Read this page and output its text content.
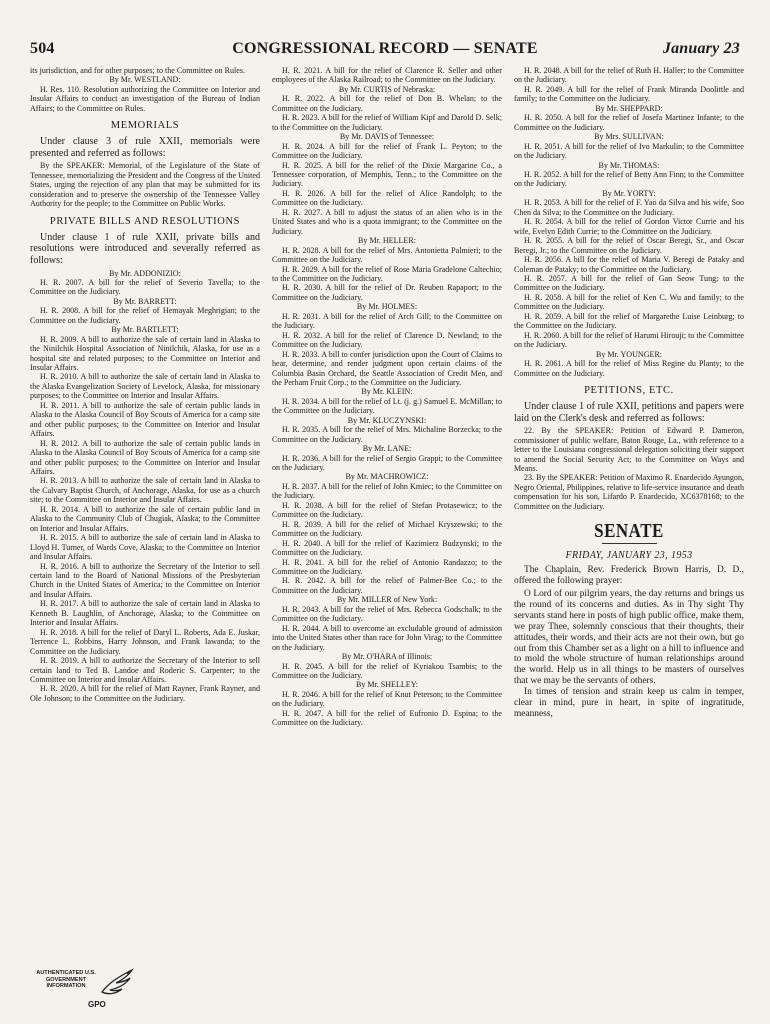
504	CONGRESSIONAL RECORD — SENATE	January 23

its jurisdiction, and for other purposes; to the Committee on Rules.

By Mr. WESTLAND:

H. Res. 110. Resolution authorizing the Committee on Interior and Insular Affairs to conduct an investigation of the Bureau of Indian Affairs; to the Committee on Rules.

MEMORIALS

Under clause 3 of rule XXII, memorials were presented and referred as follows:

By the SPEAKER: Memorial, of the Legislature of the State of Tennessee, memorializing the President and the Congress of the United States, urging the rejection of any plan that may be submitted for its consideration and to preserve the ownership of the Tennessee Valley Authority for the people; to the Committee on Public Works.

PRIVATE BILLS AND RESOLUTIONS

Under clause 1 of rule XXII, private bills and resolutions were introduced and severally referred as follows:

By Mr. ADDONIZIO:

H. R. 2007. A bill for the relief of Severio Tavella; to the Committee on the Judiciary.

By Mr. BARRETT:

H. R. 2008. A bill for the relief of Hemayak Meghrigian; to the Committee on the Judiciary.

By Mr. BARTLETT:

H. R. 2009. A bill to authorize the sale of certain land in Alaska to the Ninilchik Hospital Association of Ninilchik, Alaska, for use as a hospital site and related purposes; to the Committee on Interior and Insular Affairs.

H. R. 2010. A bill to authorize the sale of certain land in Alaska to the Alaska Evangelization Society of Levelock, Alaska, for missionary purposes; to the Committee on Interior and Insular Affairs.

H. R. 2011. A bill to authorize the sale of certain public lands in Alaska to the Alaska Council of Boy Scouts of America for a camp site and other public purposes; to the Committee on Interior and Insular Affairs.

H. R. 2012. A bill to authorize the sale of certain public lands in Alaska to the Alaska Council of Boy Scouts of America for a camp site and other public purposes; to the Committee on Interior and Insular Affairs.

H. R. 2013. A bill to authorize the sale of certain land in Alaska to the Calvary Baptist Church, of Anchorage, Alaska, for use as a church site; to the Committee on Interior and Insular Affairs.

H. R. 2014. A bill to authorize the sale of certain public land in Alaska to the Community Club of Chugiak, Alaska; to the Committee on Interior and Insular Affairs.

H. R. 2015. A bill to authorize the sale of certain land in Alaska to Lloyd H. Turner, of Wards Cove, Alaska; to the Committee on Interior and Insular Affairs.

H. R. 2016. A bill to authorize the Secretary of the Interior to sell certain land to the Board of National Missions of the Presbyterian Church in the United States of America; to the Committee on Interior and Insular Affairs.

H. R. 2017. A bill to authorize the sale of certain land in Alaska to Kenneth B. Laughlin, of Anchorage, Alaska; to the Committee on Interior and Insular Affairs.

H. R. 2018. A bill for the relief of Daryl L. Roberts, Ada E. Juskar, Terrence L. Robbins, Harry Johnson, and Frank Iawanda; to the Committee on the Judiciary.

H. R. 2019. A bill to authorize the Secretary of the Interior to sell certain land to Ted B. Landoe and Roderic S. Carpenter; to the Committee on Interior and Insular Affairs.

H. R. 2020. A bill for the relief of Matt Rayner, Frank Rayner, and Ole Johnson; to the Committee on the Judiciary.

H. R. 2021. A bill for the relief of Clarence R. Seller and other employees of the Alaska Railroad; to the Committee on the Judiciary.

By Mr. CURTIS of Nebraska:

H. R. 2022. A bill for the relief of Don B. Whelan; to the Committee on the Judiciary.

H. R. 2023. A bill for the relief of William Kipf and Darold D. Selk; to the Committee on the Judiciary.

By Mr. DAVIS of Tennessee:

H. R. 2024. A bill for the relief of Frank L. Peyton; to the Committee on the Judiciary.

H. R. 2025. A bill for the relief of the Dixie Margarine Co., a Tennessee corporation, of Memphis, Tenn.; to the Committee on the Judiciary.

H. R. 2026. A bill for the relief of Alice Randolph; to the Committee on the Judiciary.

H. R. 2027. A bill to adjust the status of an alien who is in the United States and who is a quota immigrant; to the Committee on the Judiciary.

By Mr. HELLER:

H. R. 2028. A bill for the relief of Mrs. Antonietta Palmieri; to the Committee on the Judiciary.

H. R. 2029. A bill for the relief of Rose Maria Gradelone Caltechio; to the Committee on the Judiciary.

H. R. 2030. A bill for the relief of Dr. Reuben Rapaport; to the Committee on the Judiciary.

By Mr. HOLMES:

H. R. 2031. A bill for the relief of Arch Gill; to the Committee on the Judiciary.

H. R. 2032. A bill for the relief of Clarence D. Newland; to the Committee on the Judiciary.

H. R. 2033. A bill to confer jurisdiction upon the Court of Claims to hear, determine, and render judgment upon certain claims of the Columbia Basin Orchard, the Seattle Association of Credit Men, and the Perham Fruit Corp.; to the Committee on the Judiciary.

By Mr. KLEIN:

H. R. 2034. A bill for the relief of Lt. (j. g.) Samuel E. McMillan; to the Committee on the Judiciary.

By Mr. KLUCZYNSKI:

H. R. 2035. A bill for the relief of Mrs. Michaline Borzecka; to the Committee on the Judiciary.

By Mr. LANE:

H. R. 2036. A bill for the relief of Sergio Grappi; to the Committee on the Judiciary.

By Mr. MACHROWICZ:

H. R. 2037. A bill for the relief of John Kmiec; to the Committee on the Judiciary.

H. R. 2038. A bill for the relief of Stefan Protasewicz; to the Committee on the Judiciary.

H. R. 2039. A bill for the relief of Michael Kryszewski; to the Committee on the Judiciary.

H. R. 2040. A bill for the relief of Kazimierz Budzynski; to the Committee on the Judiciary.

H. R. 2041. A bill for the relief of Antonio Randazzo; to the Committee on the Judiciary.

H. R. 2042. A bill for the relief of Palmer-Bee Co.; to the Committee on the Judiciary.

By Mr. MILLER of New York:

H. R. 2043. A bill for the relief of Mrs. Rebecca Godschalk; to the Committee on the Judiciary.

H. R. 2044. A bill to overcome an excludable ground of admission into the United States other than race for John Virag; to the Committee on the Judiciary.

By Mr. O'HARA of Illinois:

H. R. 2045. A bill for the relief of Kyriakou Tsambis; to the Committee on the Judiciary.

By Mr. SHELLEY:

H. R. 2046. A bill for the relief of Knut Peterson; to the Committee on the Judiciary.

H. R. 2047. A bill for the relief of Eufronio D. Espina; to the Committee on the Judiciary.

H. R. 2048. A bill for the relief of Ruth H. Haller; to the Committee on the Judiciary.

H. R. 2049. A bill for the relief of Frank Miranda Doolittle and family; to the Committee on the Judiciary.

By Mr. SHEPPARD:

H. R. 2050. A bill for the relief of Josefa Martinez Infante; to the Committee on the Judiciary.

By Mrs. SULLIVAN:

H. R. 2051. A bill for the relief of Ivo Markulin; to the Committee on the Judiciary.

By Mr. THOMAS:

H. R. 2052. A bill for the relief of Betty Ann Finn; to the Committee on the Judiciary.

By Mr. YORTY:

H. R. 2053. A bill for the relief of F. Yao da Silva and his wife, Soo Chen da Silva; to the Committee on the Judiciary.

H. R. 2054. A bill for the relief of Gordon Victor Currie and his wife, Evelyn Edith Currie; to the Committee on the Judiciary.

H. R. 2055. A bill for the relief of Oscar Beregi, Sr., and Oscar Beregi, Jr.; to the Committee on the Judiciary.

H. R. 2056. A bill for the relief of Maria V. Beregi de Pataky and Coleman de Pataky; to the Committee on the Judiciary.

H. R. 2057. A bill for the relief of Gan Seow Tung; to the Committee on the Judiciary.

H. R. 2058. A bill for the relief of Ken C. Wu and family; to the Committee on the Judiciary.

H. R. 2059. A bill for the relief of Margarethe Luise Leinburg; to the Committee on the Judiciary.

H. R. 2060. A bill for the relief of Harumi Hirouji; to the Committee on the Judiciary.

By Mr. YOUNGER:

H. R. 2061. A bill for the relief of Miss Regine du Planty; to the Committee on the Judiciary.

PETITIONS, ETC.

Under clause 1 of rule XXII, petitions and papers were laid on the Clerk's desk and referred as follows:

22. By the SPEAKER: Petition of Edward P. Dameron, commissioner of public welfare, Baton Rouge, La., with reference to a letter to the Louisiana congressional delegation soliciting their support to amend the Social Security Act; to the Committee on Ways and Means.

23. By the SPEAKER: Petition of Maximo R. Enardecido Ayungon, Negro Oriental, Philippines, relative to life-service insurance and death compensation for his son, Lifardo P. Enardecido, XC6378168; to the Committee on the Judiciary.

SENATE

FRIDAY, JANUARY 23, 1953

The Chaplain, Rev. Frederick Brown Harris, D. D., offered the following prayer:

O Lord of our pilgrim years, the day returns and brings us the round of its concerns and duties. As in Thy sight Thy servants stand here in posts of high public office, make them, we pray Thee, solemnly conscious that their thoughts, their attitudes, their words, and their acts are not their own, but go out from this Chamber set as a light on a hill to influence and to mold the whole structure of human relationships around the world. Help us in all things to be masters of ourselves that we may be the servants of others.

In times of tension and strain keep us calm in temper, clear in mind, pure in heart, in spite of ingratitude, meanness,

AUTHENTICATED U.S. GOVERNMENT INFORMATION
GPO
